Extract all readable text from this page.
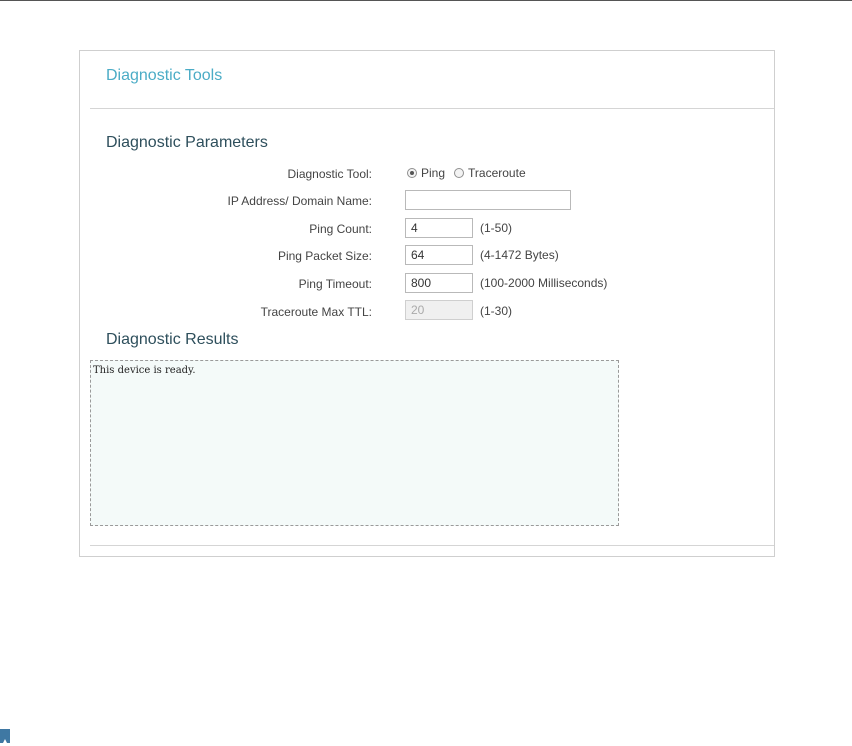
Diagnostic Tools
Diagnostic Parameters
Diagnostic Tool:	Ping Traceroute
IP Address/ Domain Name:
Ping Count:
4	(1-50)
Ping Packet Size:
64	(4-1472 Bytes)
Ping Timeout:
800	(100-2000 Milliseconds)
Traceroute Max TTL:
20	(1-30)
Diagnostic Results
This device is ready.
